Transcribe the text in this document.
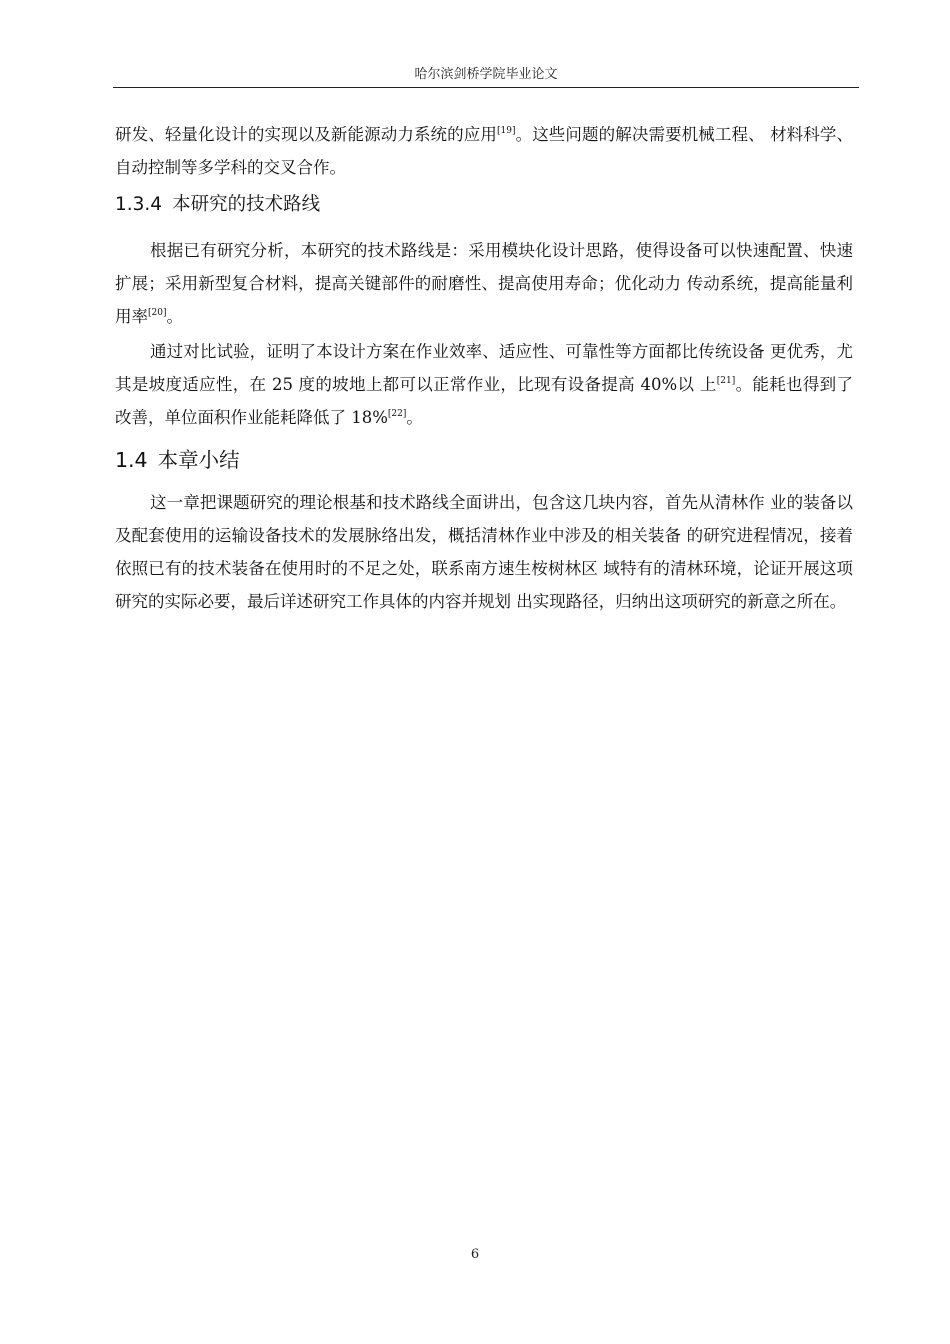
哈尔滨剑桥学院毕业论文

研发、轻量化设计的实现以及新能源动力系统的应用[19]。这些问题的解决需要机械工程、 材料科学、 自动控制等多学科的交叉合作。

1.3.4 本研究的技术路线

根据已有研究分析，本研究的技术路线是：采用模块化设计思路，使得设备可以快速配置、快速扩展；采用新型复合材料，提高关键部件的耐磨性、提高使用寿命；优化动力 传动系统，提高能量利用率[20]。

通过对比试验，证明了本设计方案在作业效率、适应性、可靠性等方面都比传统设备 更优秀，尤其是坡度适应性，在 25 度的坡地上都可以正常作业，比现有设备提高 40%以 上[21]。能耗也得到了改善，单位面积作业能耗降低了 18%[22]。

1.4 本章小结

这一章把课题研究的理论根基和技术路线全面讲出，包含这几块内容，首先从清林作 业的装备以及配套使用的运输设备技术的发展脉络出发，概括清林作业中涉及的相关装备 的研究进程情况，接着依照已有的技术装备在使用时的不足之处，联系南方速生桉树林区 域特有的清林环境，论证开展这项研究的实际必要，最后详述研究工作具体的内容并规划 出实现路径，归纳出这项研究的新意之所在。

6
